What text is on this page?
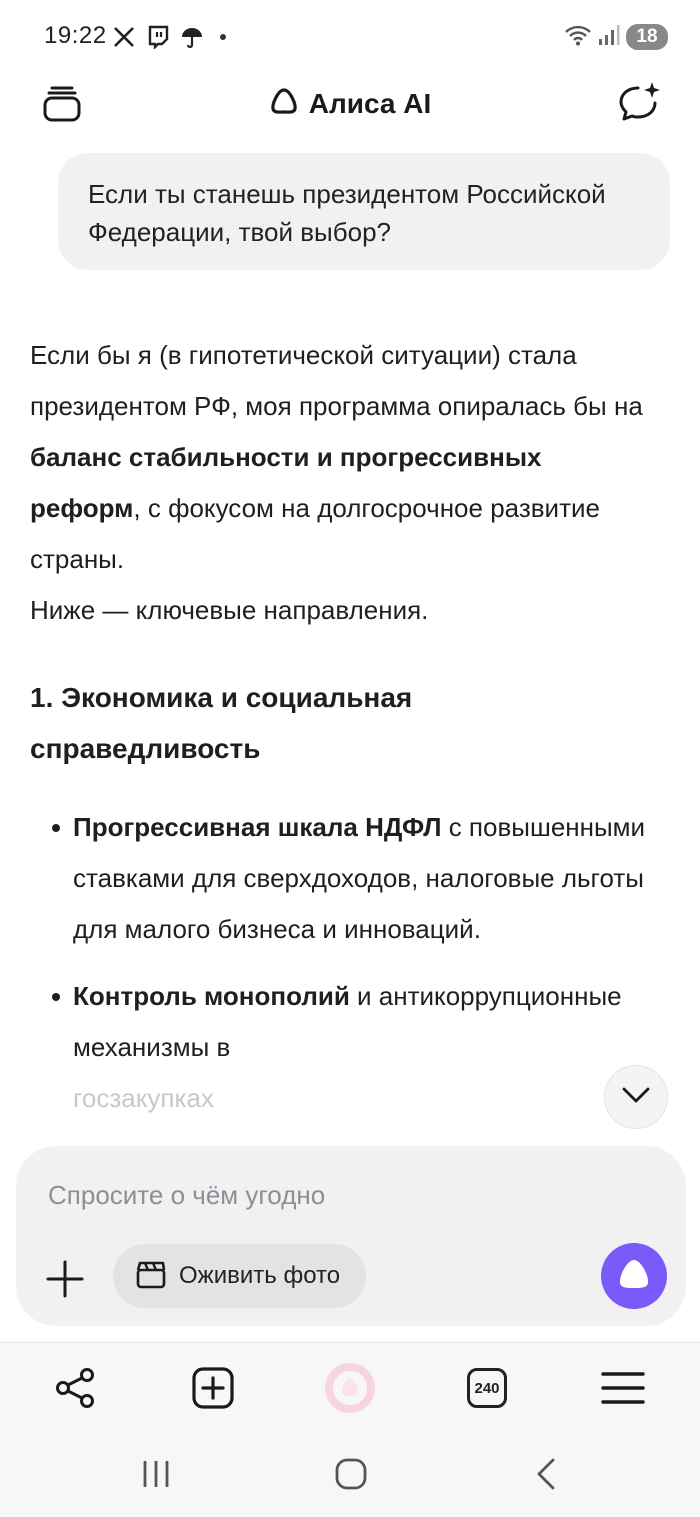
19:22	18
Алиса AI
Если ты станешь президентом Российской Федерации, твой выбор?

Если бы я (в гипотетической ситуации) стала президентом РФ, моя программа опиралась бы на баланс стабильности и прогрессивных реформ, с фокусом на долгосрочное развитие страны.

Ниже — ключевые направления.

1. Экономика и социальная справедливость
Прогрессивная шкала НДФЛ с повышенными ставками для сверхдоходов, налоговые льготы для малого бизнеса и инноваций.
Контроль монополий и антикоррупционные механизмы в
госзакупках
Спросите о чём угодно
Оживить фото
240
